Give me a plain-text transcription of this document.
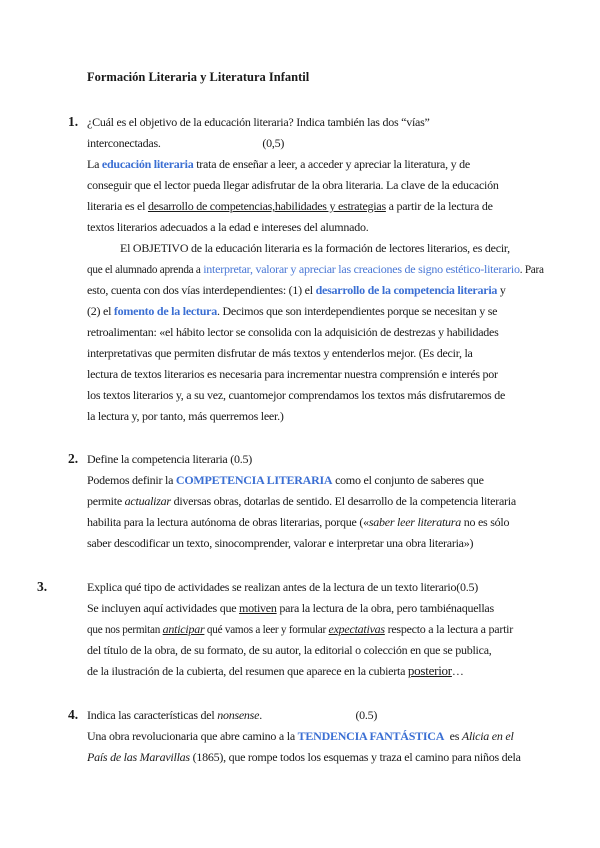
Formación Literaria y Literatura Infantil
1. ¿Cuál es el objetivo de la educación literaria? Indica también las dos “vías”
interconectadas.                                     (0,5)
La educación literaria trata de enseñar a leer, a acceder y apreciar la literatura, y de
conseguir que el lector pueda llegar adisfrutar de la obra literaria. La clave de la educación
literaria es el desarrollo de competencias,habilidades y estrategias a partir de la lectura de
textos literarios adecuados a la edad e intereses del alumnado.
El OBJETIVO de la educación literaria es la formación de lectores literarios, es decir,
que el alumnado aprenda a interpretar, valorar y apreciar las creaciones de signo estético-literario. Para
esto, cuenta con dos vías interdependientes: (1) el desarrollo de la competencia literaria y
(2) el fomento de la lectura. Decimos que son interdependientes porque se necesitan y se
retroalimentan: «el hábito lector se consolida con la adquisición de destrezas y habilidades
interpretativas que permiten disfrutar de más textos y entenderlos mejor. (Es decir, la
lectura de textos literarios es necesaria para incrementar nuestra comprensión e interés por
los textos literarios y, a su vez, cuantomejor comprendamos los textos más disfrutaremos de
la lectura y, por tanto, más querremos leer.)
2. Define la competencia literaria (0.5)
Podemos definir la COMPETENCIA LITERARIA como el conjunto de saberes que
permite actualizar diversas obras, dotarlas de sentido. El desarrollo de la competencia literaria
habilita para la lectura autónoma de obras literarias, porque («saber leer literatura no es sólo
saber descodificar un texto, sinocomprender, valorar e interpretar una obra literaria»)
3.	Explica qué tipo de actividades se realizan antes de la lectura de un texto literario(0.5)
Se incluyen aquí actividades que motiven para la lectura de la obra, pero tambiénaquellas
que nos permitan anticipar qué vamos a leer y formular expectativas respecto a la lectura a partir
del título de la obra, de su formato, de su autor, la editorial o colección en que se publica,
de la ilustración de la cubierta, del resumen que aparece en la cubierta posterior…
4. Indica las características del nonsense.                                  (0.5)
Una obra revolucionaria que abre camino a la TENDENCIA FANTÁSTICA  es Alicia en el
País de las Maravillas (1865), que rompe todos los esquemas y traza el camino para niños dela
